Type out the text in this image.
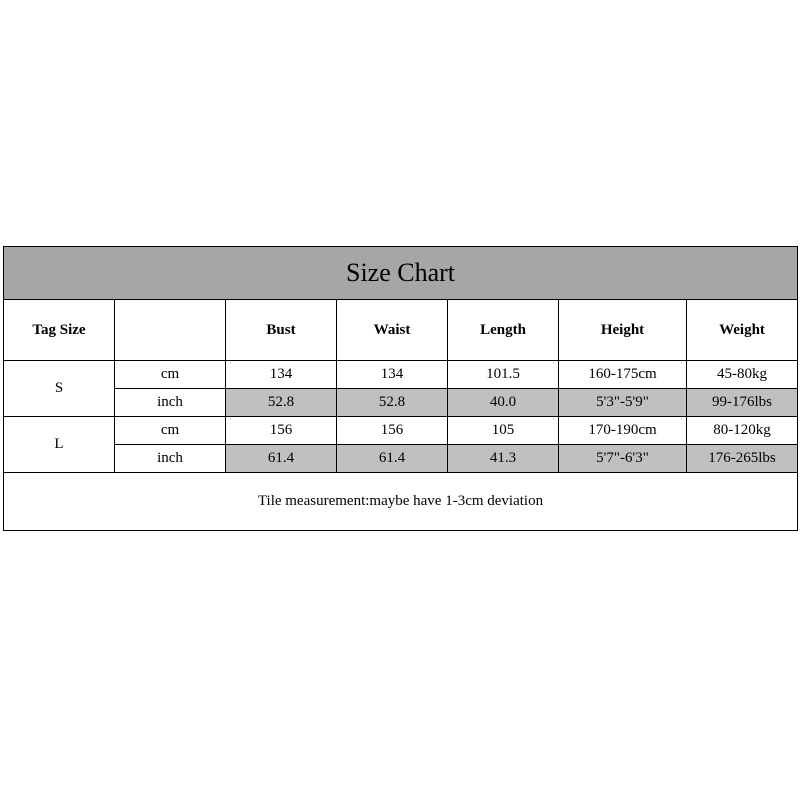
Size Chart						
Tag Size		Bust	Waist	Length	Height	Weight
S	cm	134	134	101.5	160-175cm	45-80kg
	inch	52.8	52.8	40.0	5'3"-5'9"	99-176lbs
L	cm	156	156	105	170-190cm	80-120kg
	inch	61.4	61.4	41.3	5'7"-6'3"	176-265lbs
Tile measurement:maybe have 1-3cm deviation						
